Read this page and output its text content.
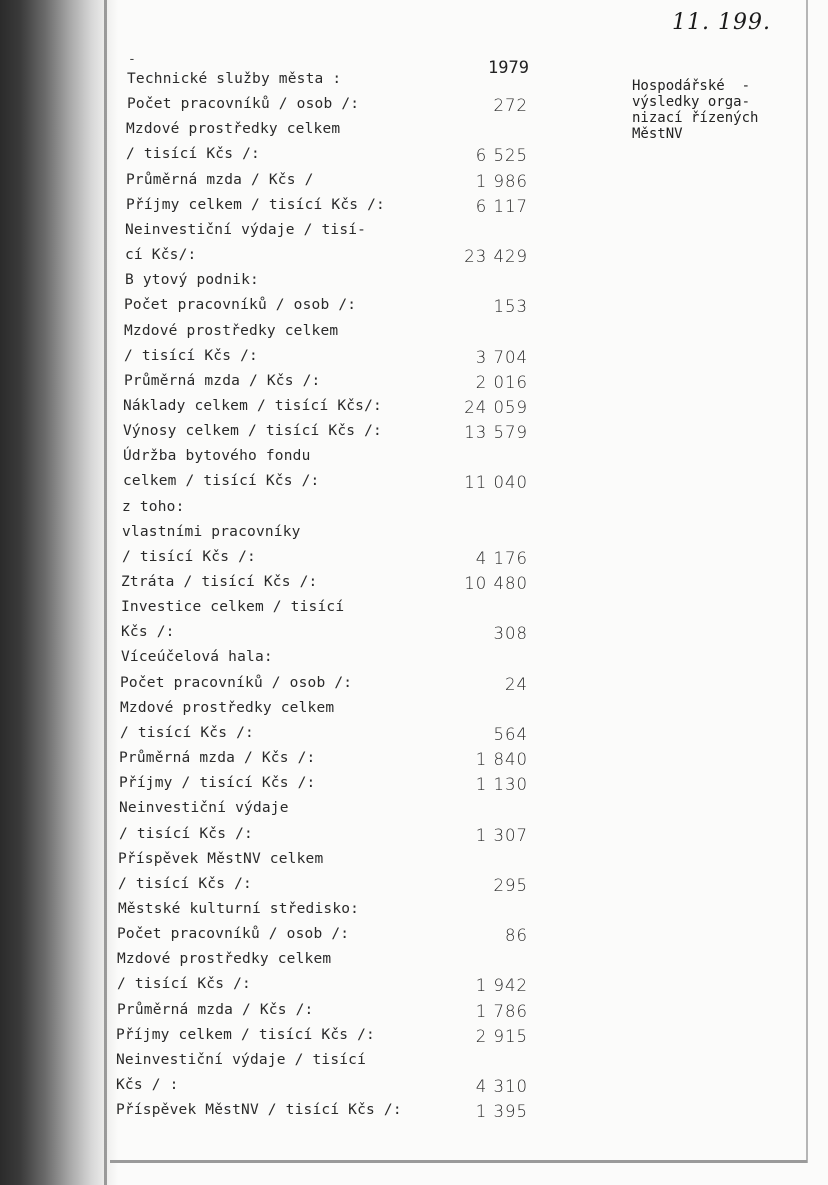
11. 199.
Hospodářské  -
výsledky orga-
nizací řízených
MěstNV
-	1979
Technické služby města :
Počet pracovníků / osob /:	272
Mzdové prostředky celkem
/ tisící Kčs /:	6 525
Průměrná mzda / Kčs /	1 986
Příjmy celkem / tisící Kčs /:	6 117
Neinvestiční výdaje / tisí-
cí Kčs/:	23 429
B ytový podnik:
Počet pracovníků / osob /:	153
Mzdové prostředky celkem
/ tisící Kčs /:	3 704
Průměrná mzda / Kčs /:	2 016
Náklady celkem / tisící Kčs/:	24 059
Výnosy celkem / tisící Kčs /:	13 579
Údržba bytového fondu
celkem / tisící Kčs /:	11 040
z toho:
vlastními pracovníky
/ tisící Kčs /:	4 176
Ztráta / tisící Kčs /:	10 480
Investice celkem / tisící
Kčs /:	308
Víceúčelová hala:
Počet pracovníků / osob /:	24
Mzdové prostředky celkem
/ tisící Kčs /:	564
Průměrná mzda / Kčs /:	1 840
Příjmy / tisící Kčs /:	1 130
Neinvestiční výdaje
/ tisící Kčs /:	1 307
Příspěvek MěstNV celkem
/ tisící Kčs /:	295
Městské kulturní středisko:
Počet pracovníků / osob /:	86
Mzdové prostředky celkem
/ tisící Kčs /:	1 942
Průměrná mzda / Kčs /:	1 786
Příjmy celkem / tisící Kčs /:	2 915
Neinvestiční výdaje / tisící
Kčs / :	4 310
Příspěvek MěstNV / tisící Kčs /:	1 395
